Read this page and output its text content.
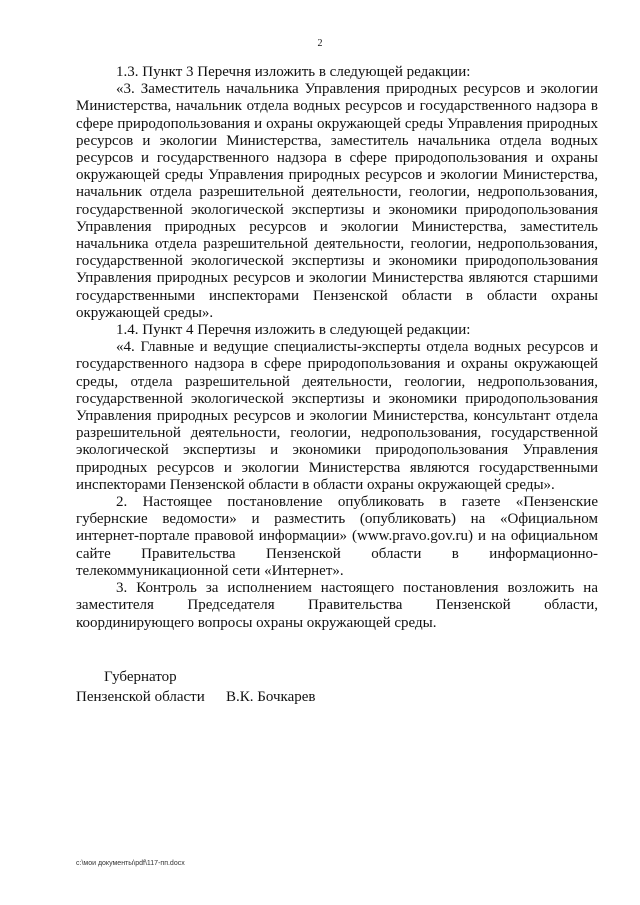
2

1.3. Пункт 3 Перечня изложить в следующей редакции:

«3. Заместитель начальника Управления природных ресурсов и экологии Министерства, начальник отдела водных ресурсов и государственного надзора в сфере природопользования и охраны окружающей среды Управления природных ресурсов и экологии Министерства, заместитель начальника отдела водных ресурсов и государственного надзора в сфере природопользования и охраны окружающей среды Управления природных ресурсов и экологии Министерства, начальник отдела разрешительной деятельности, геологии, недропользования, государственной экологической экспертизы и экономики природопользования Управления природных ресурсов и экологии Министерства, заместитель начальника отдела разрешительной деятельности, геологии, недропользования, государственной экологической экспертизы и экономики природопользования Управления природных ресурсов и экологии Министерства являются старшими государственными инспекторами Пензенской области в области охраны окружающей среды».

1.4. Пункт 4 Перечня изложить в следующей редакции:

«4. Главные и ведущие специалисты-эксперты отдела водных ресурсов и государственного надзора в сфере природопользования и охраны окружающей среды, отдела разрешительной деятельности, геологии, недропользования, государственной экологической экспертизы и экономики природопользования Управления природных ресурсов и экологии Министерства, консультант отдела разрешительной деятельности, геологии, недропользования, государственной экологической экспертизы и экономики природопользования Управления природных ресурсов и экологии Министерства являются государственными инспекторами Пензенской области в области охраны окружающей среды».

2. Настоящее постановление опубликовать в газете «Пензенские губернские ведомости» и разместить (опубликовать) на «Официальном интернет-портале правовой информации» (www.pravo.gov.ru) и на официальном сайте Правительства Пензенской области в информационно-телекоммуникационной сети «Интернет».

3. Контроль за исполнением настоящего постановления возложить на заместителя Председателя Правительства Пензенской области, координирующего вопросы охраны окружающей среды.

Губернатор

Пензенской области	В.К. Бочкарев

c:\мои документы\pdf\117-пп.docx
